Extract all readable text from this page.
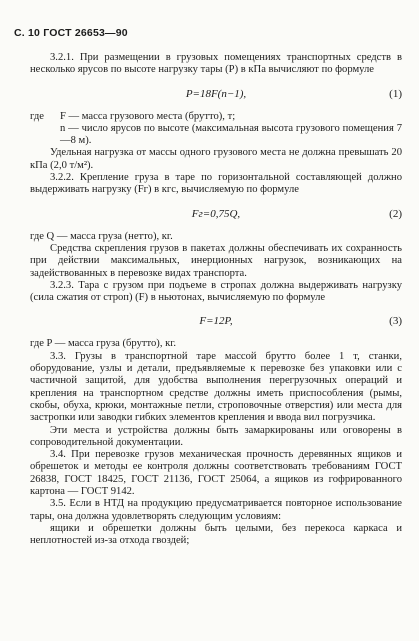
С. 10 ГОСТ 26653—90

3.2.1. При размещении в грузовых помещениях транспортных средств в несколько ярусов по высоте нагрузку тары (P) в кПа вычисляют по формуле

P=18F(n−1),	(1)
где	F — масса грузового места (брутто), т;
n — число ярусов по высоте (максимальная высота грузового помещения 7—8 м).

Удельная нагрузка от массы одного грузового места не должна превышать 20 кПа (2,0 т/м²).

3.2.2. Крепление груза в таре по горизонтальной составляющей должно выдерживать нагрузку (Fг) в кгс, вычисляемую по формуле

Fг=0,75Q,	(2)

где Q — масса груза (нетто), кг.

Средства скрепления грузов в пакетах должны обеспечивать их сохранность при действии максимальных, инерционных нагрузок, возникающих на задействованных в перевозке видах транспорта.

3.2.3. Тара с грузом при подъеме в стропах должна выдерживать нагрузку (сила сжатия от строп) (F) в ньютонах, вычисляемую по формуле

F=12P,	(3)

где P — масса груза (брутто), кг.

3.3. Грузы в транспортной таре массой брутто более 1 т, станки, оборудование, узлы и детали, предъявляемые к перевозке без упаковки или с частичной защитой, для удобства выполнения перегрузочных операций и крепления на транспортном средстве должны иметь приспособления (рымы, скобы, обуха, крюки, монтажные петли, строповочные отверстия) или места для застропки или заводки гибких элементов крепления и ввода вил погрузчика.

Эти места и устройства должны быть замаркированы или оговорены в сопроводительной документации.

3.4. При перевозке грузов механическая прочность деревянных ящиков и обрешеток и методы ее контроля должны соответствовать требованиям ГОСТ 26838, ГОСТ 18425, ГОСТ 21136, ГОСТ 25064, а ящиков из гофрированного картона — ГОСТ 9142.

3.5. Если в НТД на продукцию предусматривается повторное использование тары, она должна удовлетворять следующим условиям:

ящики и обрешетки должны быть целыми, без перекоса каркаса и неплотностей из-за отхода гвоздей;
